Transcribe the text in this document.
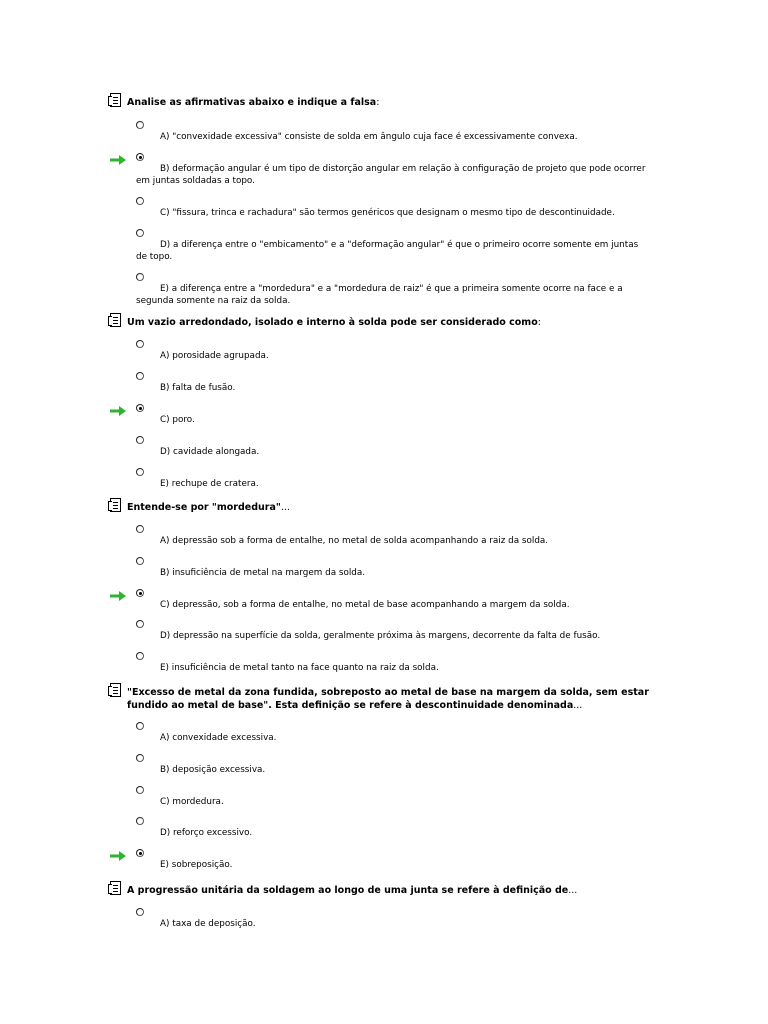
Analise as afirmativas abaixo e indique a falsa:
A) "convexidade excessiva" consiste de solda em ângulo cuja face é excessivamente convexa.
B) deformação angular é um tipo de distorção angular em relação à configuração de projeto que pode ocorrer em juntas soldadas a topo.
C) "fissura, trinca e rachadura" são termos genéricos que designam o mesmo tipo de descontinuidade.
D) a diferença entre o "embicamento" e a "deformação angular" é que o primeiro ocorre somente em juntas de topo.
E) a diferença entre a "mordedura" e a "mordedura de raiz" é que a primeira somente ocorre na face e a segunda somente na raiz da solda.
Um vazio arredondado, isolado e interno à solda pode ser considerado como:
A) porosidade agrupada.
B) falta de fusão.
C) poro.
D) cavidade alongada.
E) rechupe de cratera.
Entende-se por "mordedura"...
A) depressão sob a forma de entalhe, no metal de solda acompanhando a raiz da solda.
B) insuficiência de metal na margem da solda.
C) depressão, sob a forma de entalhe, no metal de base acompanhando a margem da solda.
D) depressão na superfície da solda, geralmente próxima às margens, decorrente da falta de fusão.
E) insuficiência de metal tanto na face quanto na raiz da solda.
"Excesso de metal da zona fundida, sobreposto ao metal de base na margem da solda, sem estar fundido ao metal de base". Esta definição se refere à descontinuidade denominada...
A) convexidade excessiva.
B) deposição excessiva.
C) mordedura.
D) reforço excessivo.
E) sobreposição.
A progressão unitária da soldagem ao longo de uma junta se refere à definição de...
A) taxa de deposição.
